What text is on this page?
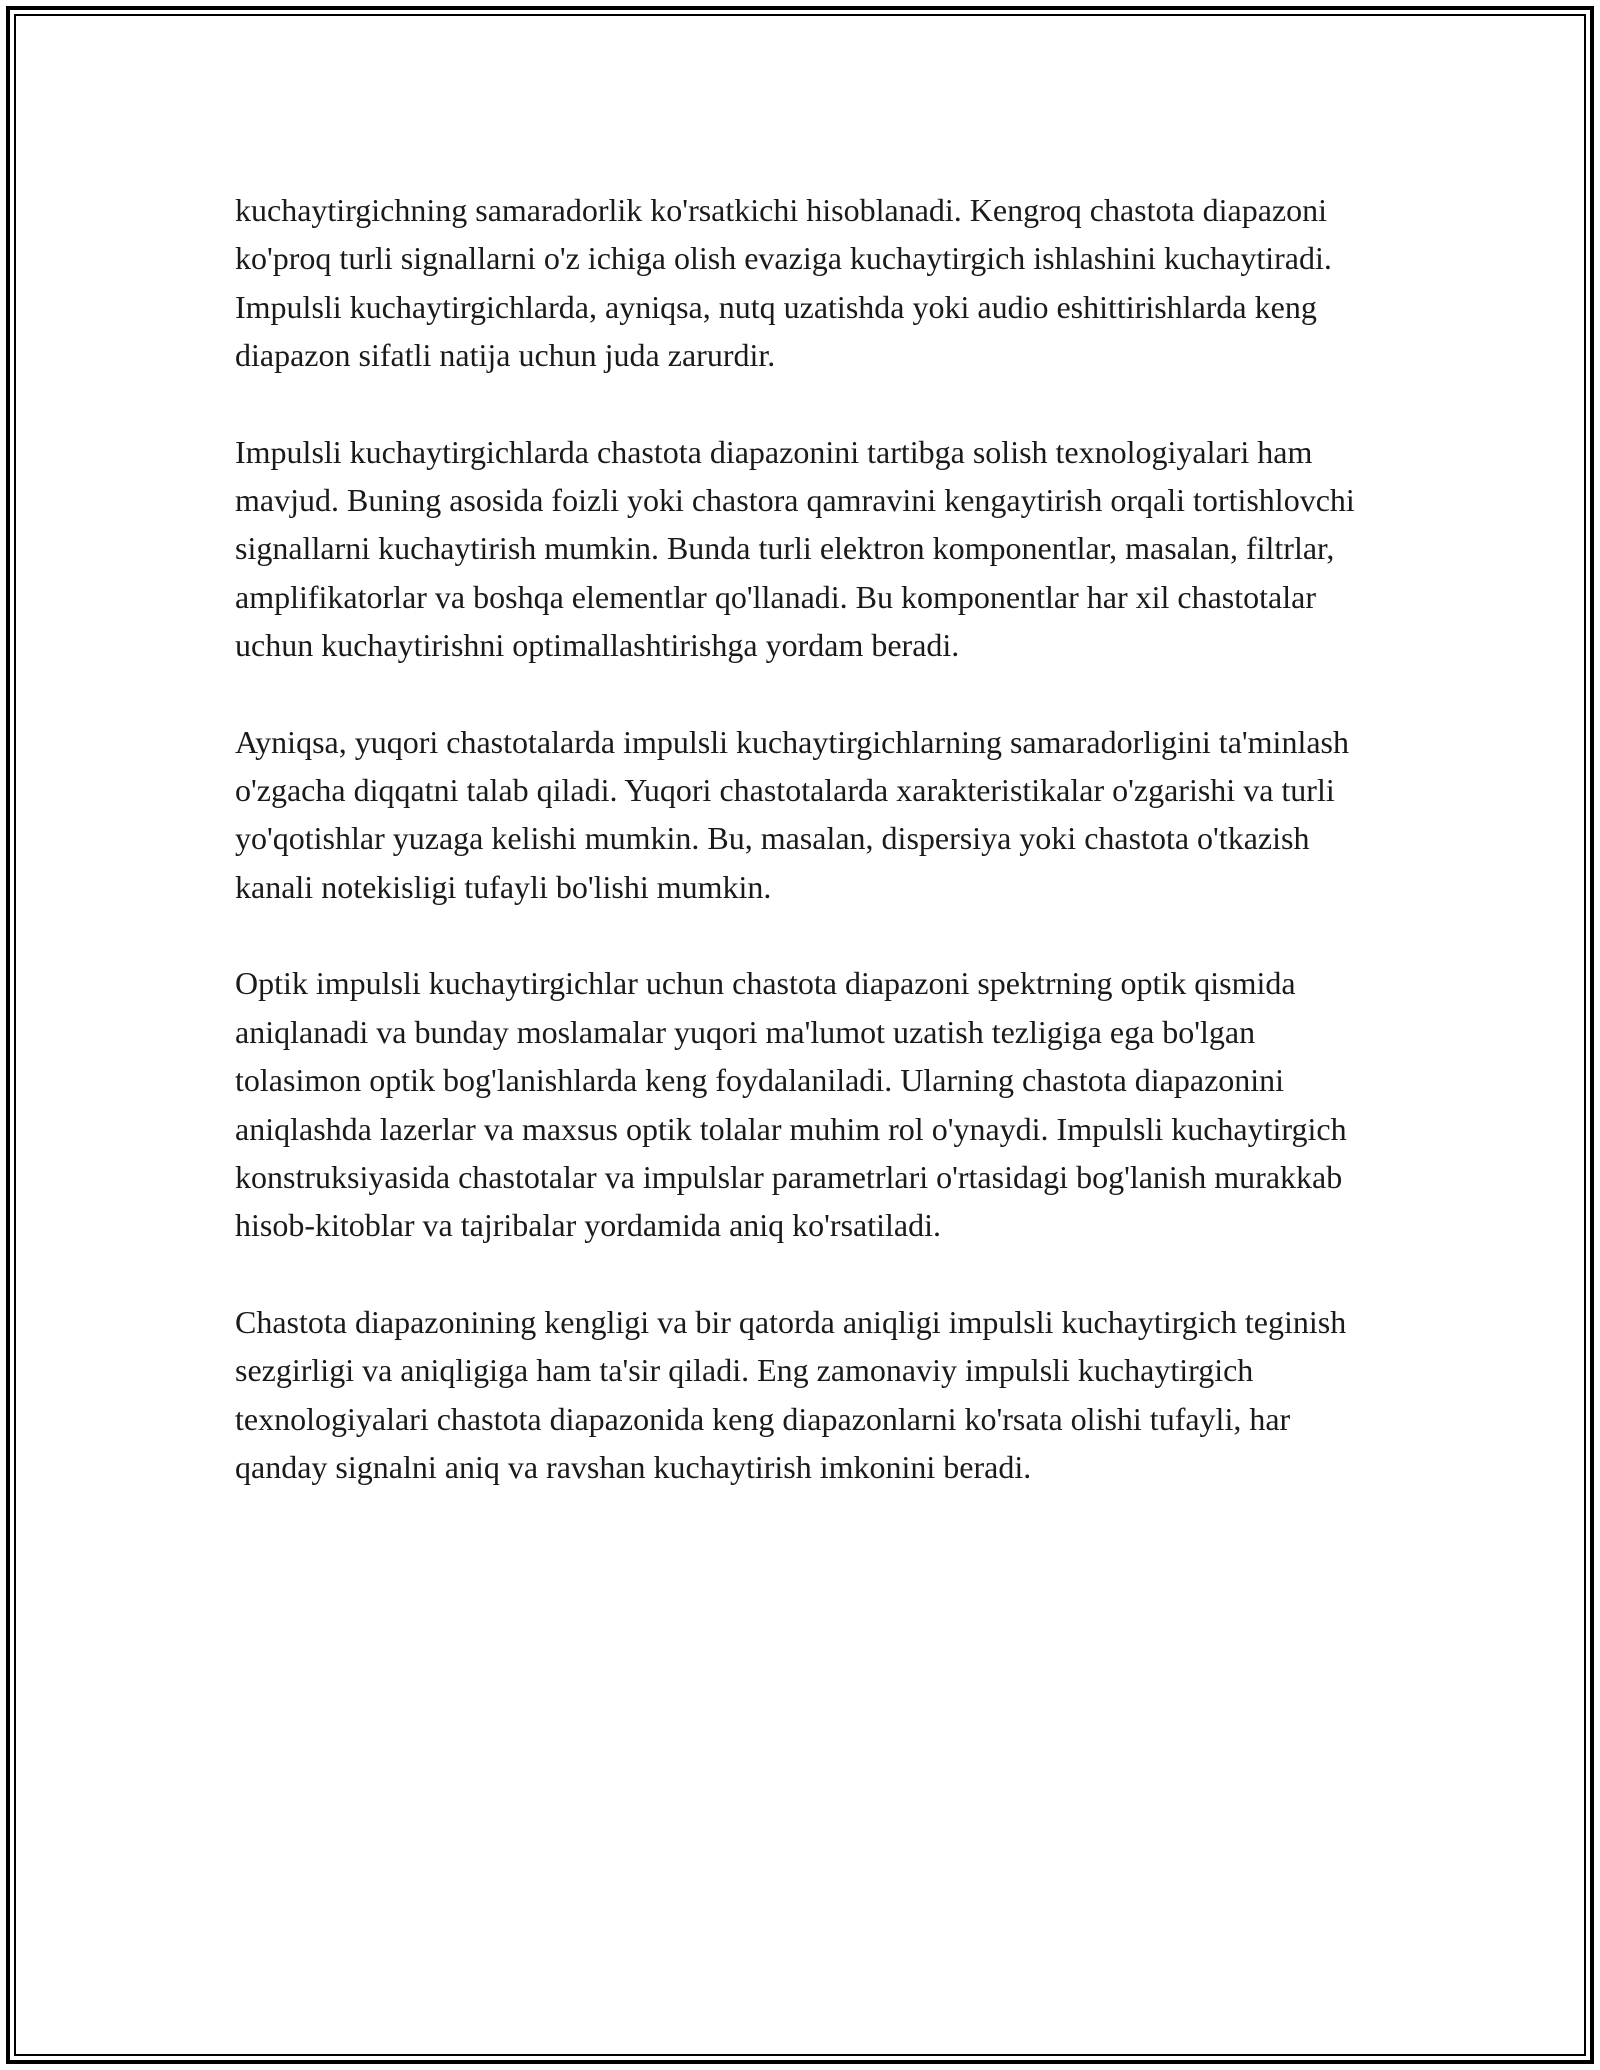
kuchaytirgichning samaradorlik ko'rsatkichi hisoblanadi. Kengroq chastota diapazoni ko'proq turli signallarni o'z ichiga olish evaziga kuchaytirgich ishlashini kuchaytiradi. Impulsli kuchaytirgichlarda, ayniqsa, nutq uzatishda yoki audio eshittirishlarda keng diapazon sifatli natija uchun juda zarurdir.

Impulsli kuchaytirgichlarda chastota diapazonini tartibga solish texnologiyalari ham mavjud. Buning asosida foizli yoki chastora qamravini kengaytirish orqali tortishlovchi signallarni kuchaytirish mumkin. Bunda turli elektron komponentlar, masalan, filtrlar, amplifikatorlar va boshqa elementlar qo'llanadi. Bu komponentlar har xil chastotalar uchun kuchaytirishni optimallashtirishga yordam beradi.

Ayniqsa, yuqori chastotalarda impulsli kuchaytirgichlarning samaradorligini ta'minlash o'zgacha diqqatni talab qiladi. Yuqori chastotalarda xarakteristikalar o'zgarishi va turli yo'qotishlar yuzaga kelishi mumkin. Bu, masalan, dispersiya yoki chastota o'tkazish kanali notekisligi tufayli bo'lishi mumkin.

Optik impulsli kuchaytirgichlar uchun chastota diapazoni spektrning optik qismida aniqlanadi va bunday moslamalar yuqori ma'lumot uzatish tezligiga ega bo'lgan tolasimon optik bog'lanishlarda keng foydalaniladi. Ularning chastota diapazonini aniqlashda lazerlar va maxsus optik tolalar muhim rol o'ynaydi. Impulsli kuchaytirgich konstruksiyasida chastotalar va impulslar parametrlari o'rtasidagi bog'lanish murakkab hisob-kitoblar va tajribalar yordamida aniq ko'rsatiladi.

Chastota diapazonining kengligi va bir qatorda aniqligi impulsli kuchaytirgich teginish sezgirligi va aniqligiga ham ta'sir qiladi. Eng zamonaviy impulsli kuchaytirgich texnologiyalari chastota diapazonida keng diapazonlarni ko'rsata olishi tufayli, har qanday signalni aniq va ravshan kuchaytirish imkonini beradi.
